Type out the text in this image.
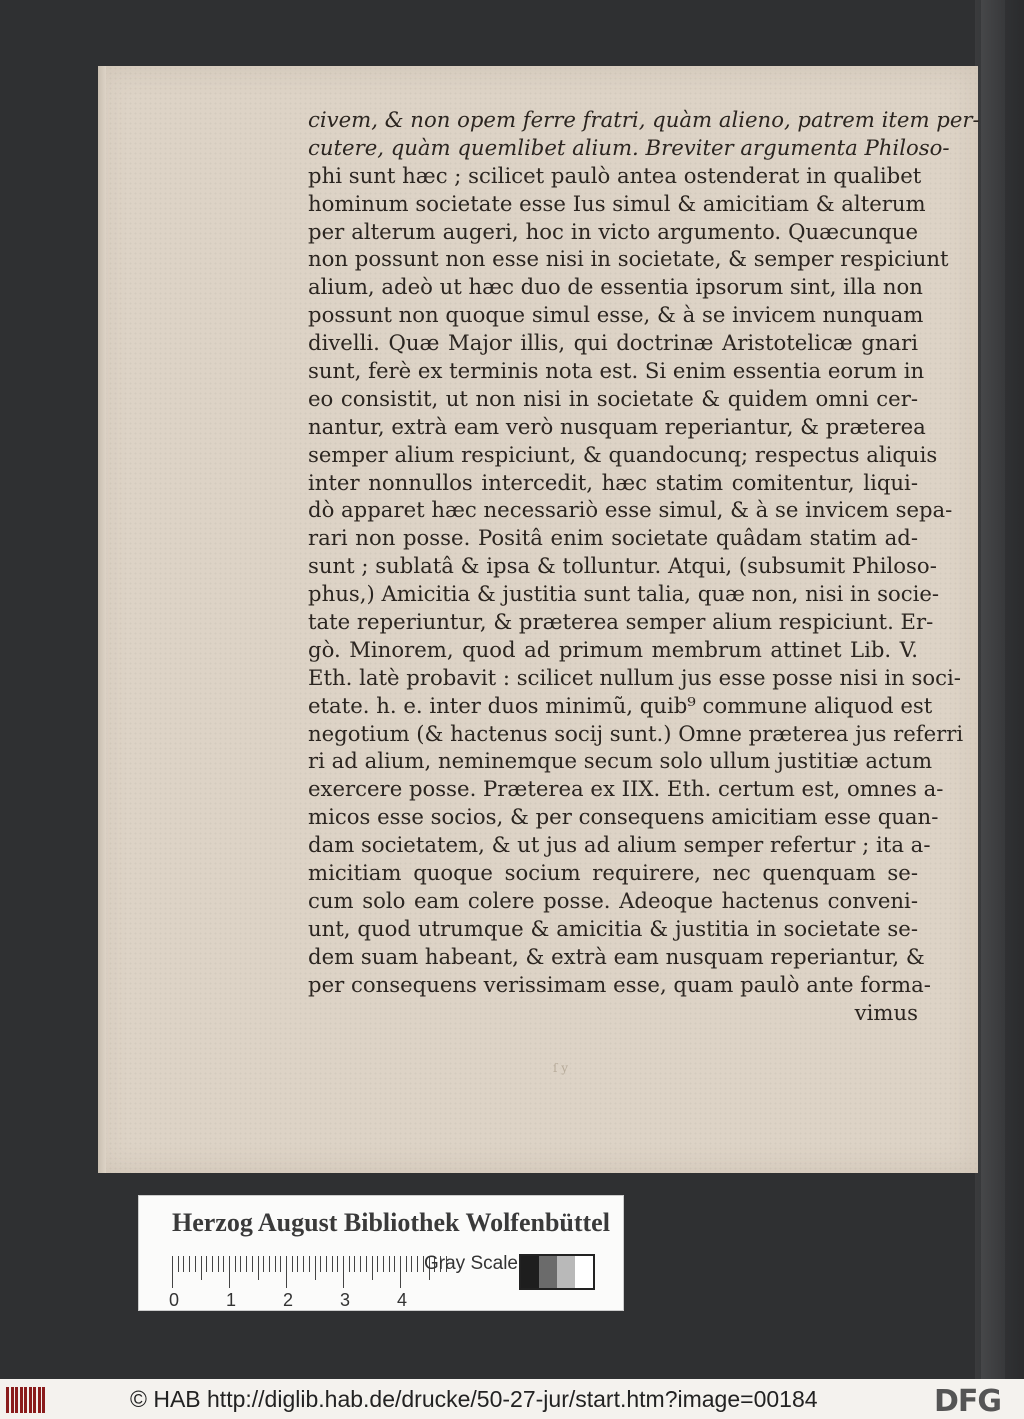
civem, & non opem ferre fratri, quàm alieno, patrem item per-
cutere, quàm quemlibet alium. Breviter argumenta Philoso-
phi sunt hæc ; scilicet paulò antea ostenderat in qualibet
hominum societate esse Ius simul & amicitiam & alterum
per alterum augeri, hoc in victo argumento. Quæcunque
non possunt non esse nisi in societate, & semper respiciunt
alium, adeò ut hæc duo de essentia ipsorum sint, illa non
possunt non quoque simul esse, & à se invicem nunquam
divelli. Quæ Major illis, qui doctrinæ Aristotelicæ gnari
sunt, ferè ex terminis nota est. Si enim essentia eorum in
eo consistit, ut non nisi in societate & quidem omni cer-
nantur, extrà eam verò nusquam reperiantur, & præterea
semper alium respiciunt, & quandocunq; respectus aliquis
inter nonnullos intercedit, hæc statim comitentur, liqui-
dò apparet hæc necessariò esse simul, & à se invicem sepa-
rari non posse. Positâ enim societate quâdam statim ad-
sunt ; sublatâ & ipsa & tolluntur. Atqui, (subsumit Philoso-
phus,) Amicitia & justitia sunt talia, quæ non, nisi in socie-
tate reperiuntur, & præterea semper alium respiciunt. Er-
gò. Minorem, quod ad primum membrum attinet Lib. V.
Eth. latè probavit : scilicet nullum jus esse posse nisi in soci-
etate. h. e. inter duos minimũ, quib⁹ commune aliquod est
negotium (& hactenus socij sunt.) Omne præterea jus referri
ri ad alium, neminemque secum solo ullum justitiæ actum
exercere posse. Præterea ex IIX. Eth. certum est, omnes a-
micos esse socios, & per consequens amicitiam esse quan-
dam societatem, & ut jus ad alium semper refertur ; ita a-
micitiam quoque socium requirere, nec quenquam se-
cum solo eam colere posse. Adeoque hactenus conveni-
unt, quod utrumque & amicitia & justitia in societate se-
dem suam habeant, & extrà eam nusquam reperiantur, &
per consequens verissimam esse, quam paulò ante forma-
vimus
ſ y
Herzog August Bibliothek Wolfenbüttel
0	1	2	3	4
Gray Scale
© HAB http://diglib.hab.de/drucke/50-27-jur/start.htm?image=00184	DFG
